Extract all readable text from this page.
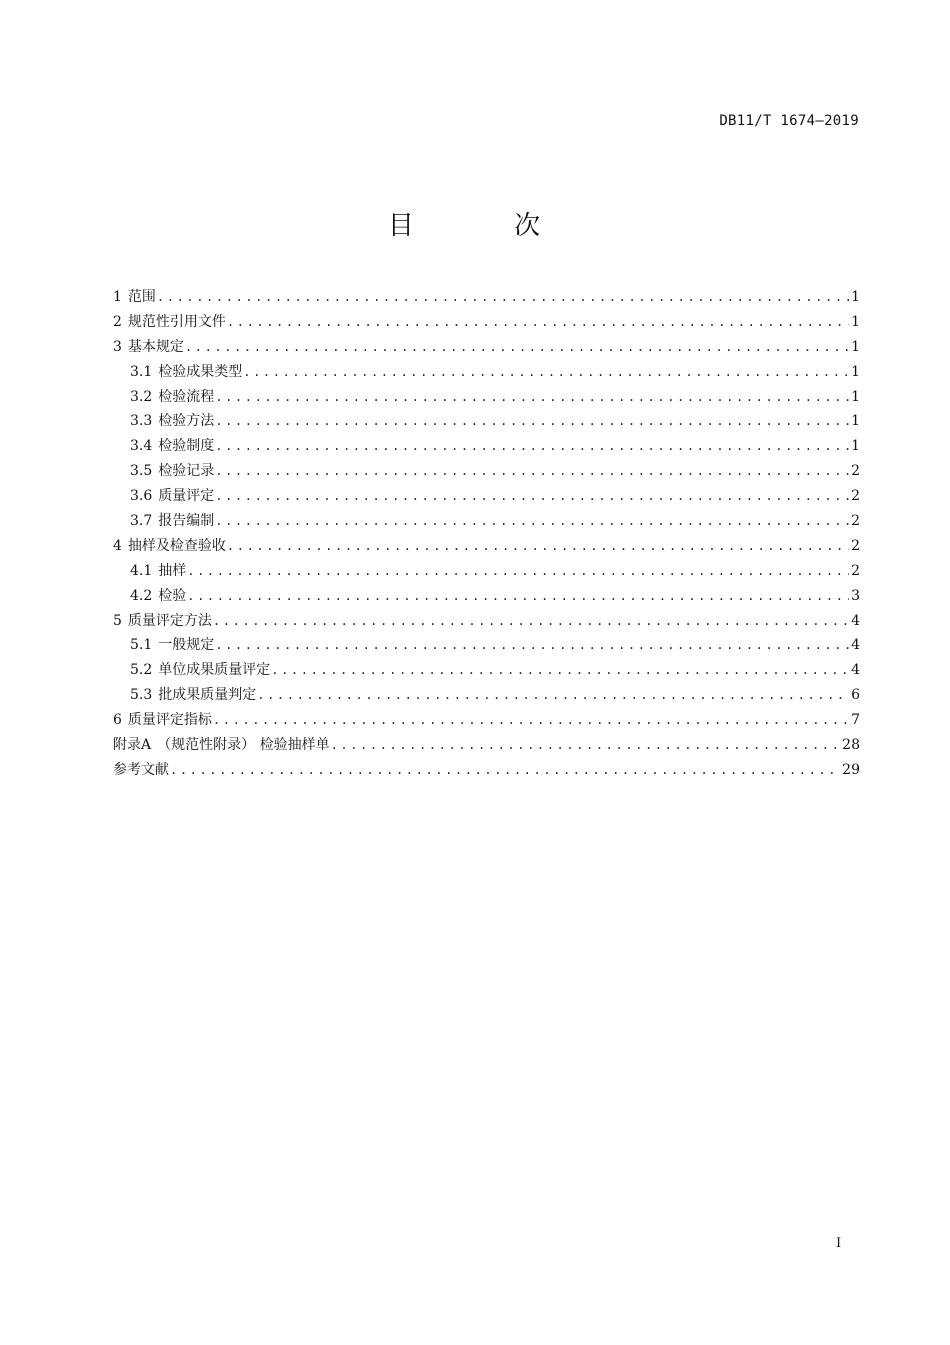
DB11/T 1674—2019
目 次
1 范围 .....	1
2 规范性引用文件 .....	1
3 基本规定 .....	1
3.1 检验成果类型 .....	1
3.2 检验流程 .....	1
3.3 检验方法 .....	1
3.4 检验制度 .....	1
3.5 检验记录 .....	2
3.6 质量评定 .....	2
3.7 报告编制 .....	2
4 抽样及检查验收 .....	2
4.1 抽样 .....	2
4.2 检验 .....	3
5 质量评定方法 .....	4
5.1 一般规定 .....	4
5.2 单位成果质量评定 .....	4
5.3 批成果质量判定 .....	6
6 质量评定指标 .....	7
附录A （规范性附录） 检验抽样单 .....	28
参考文献 .....	29
I
